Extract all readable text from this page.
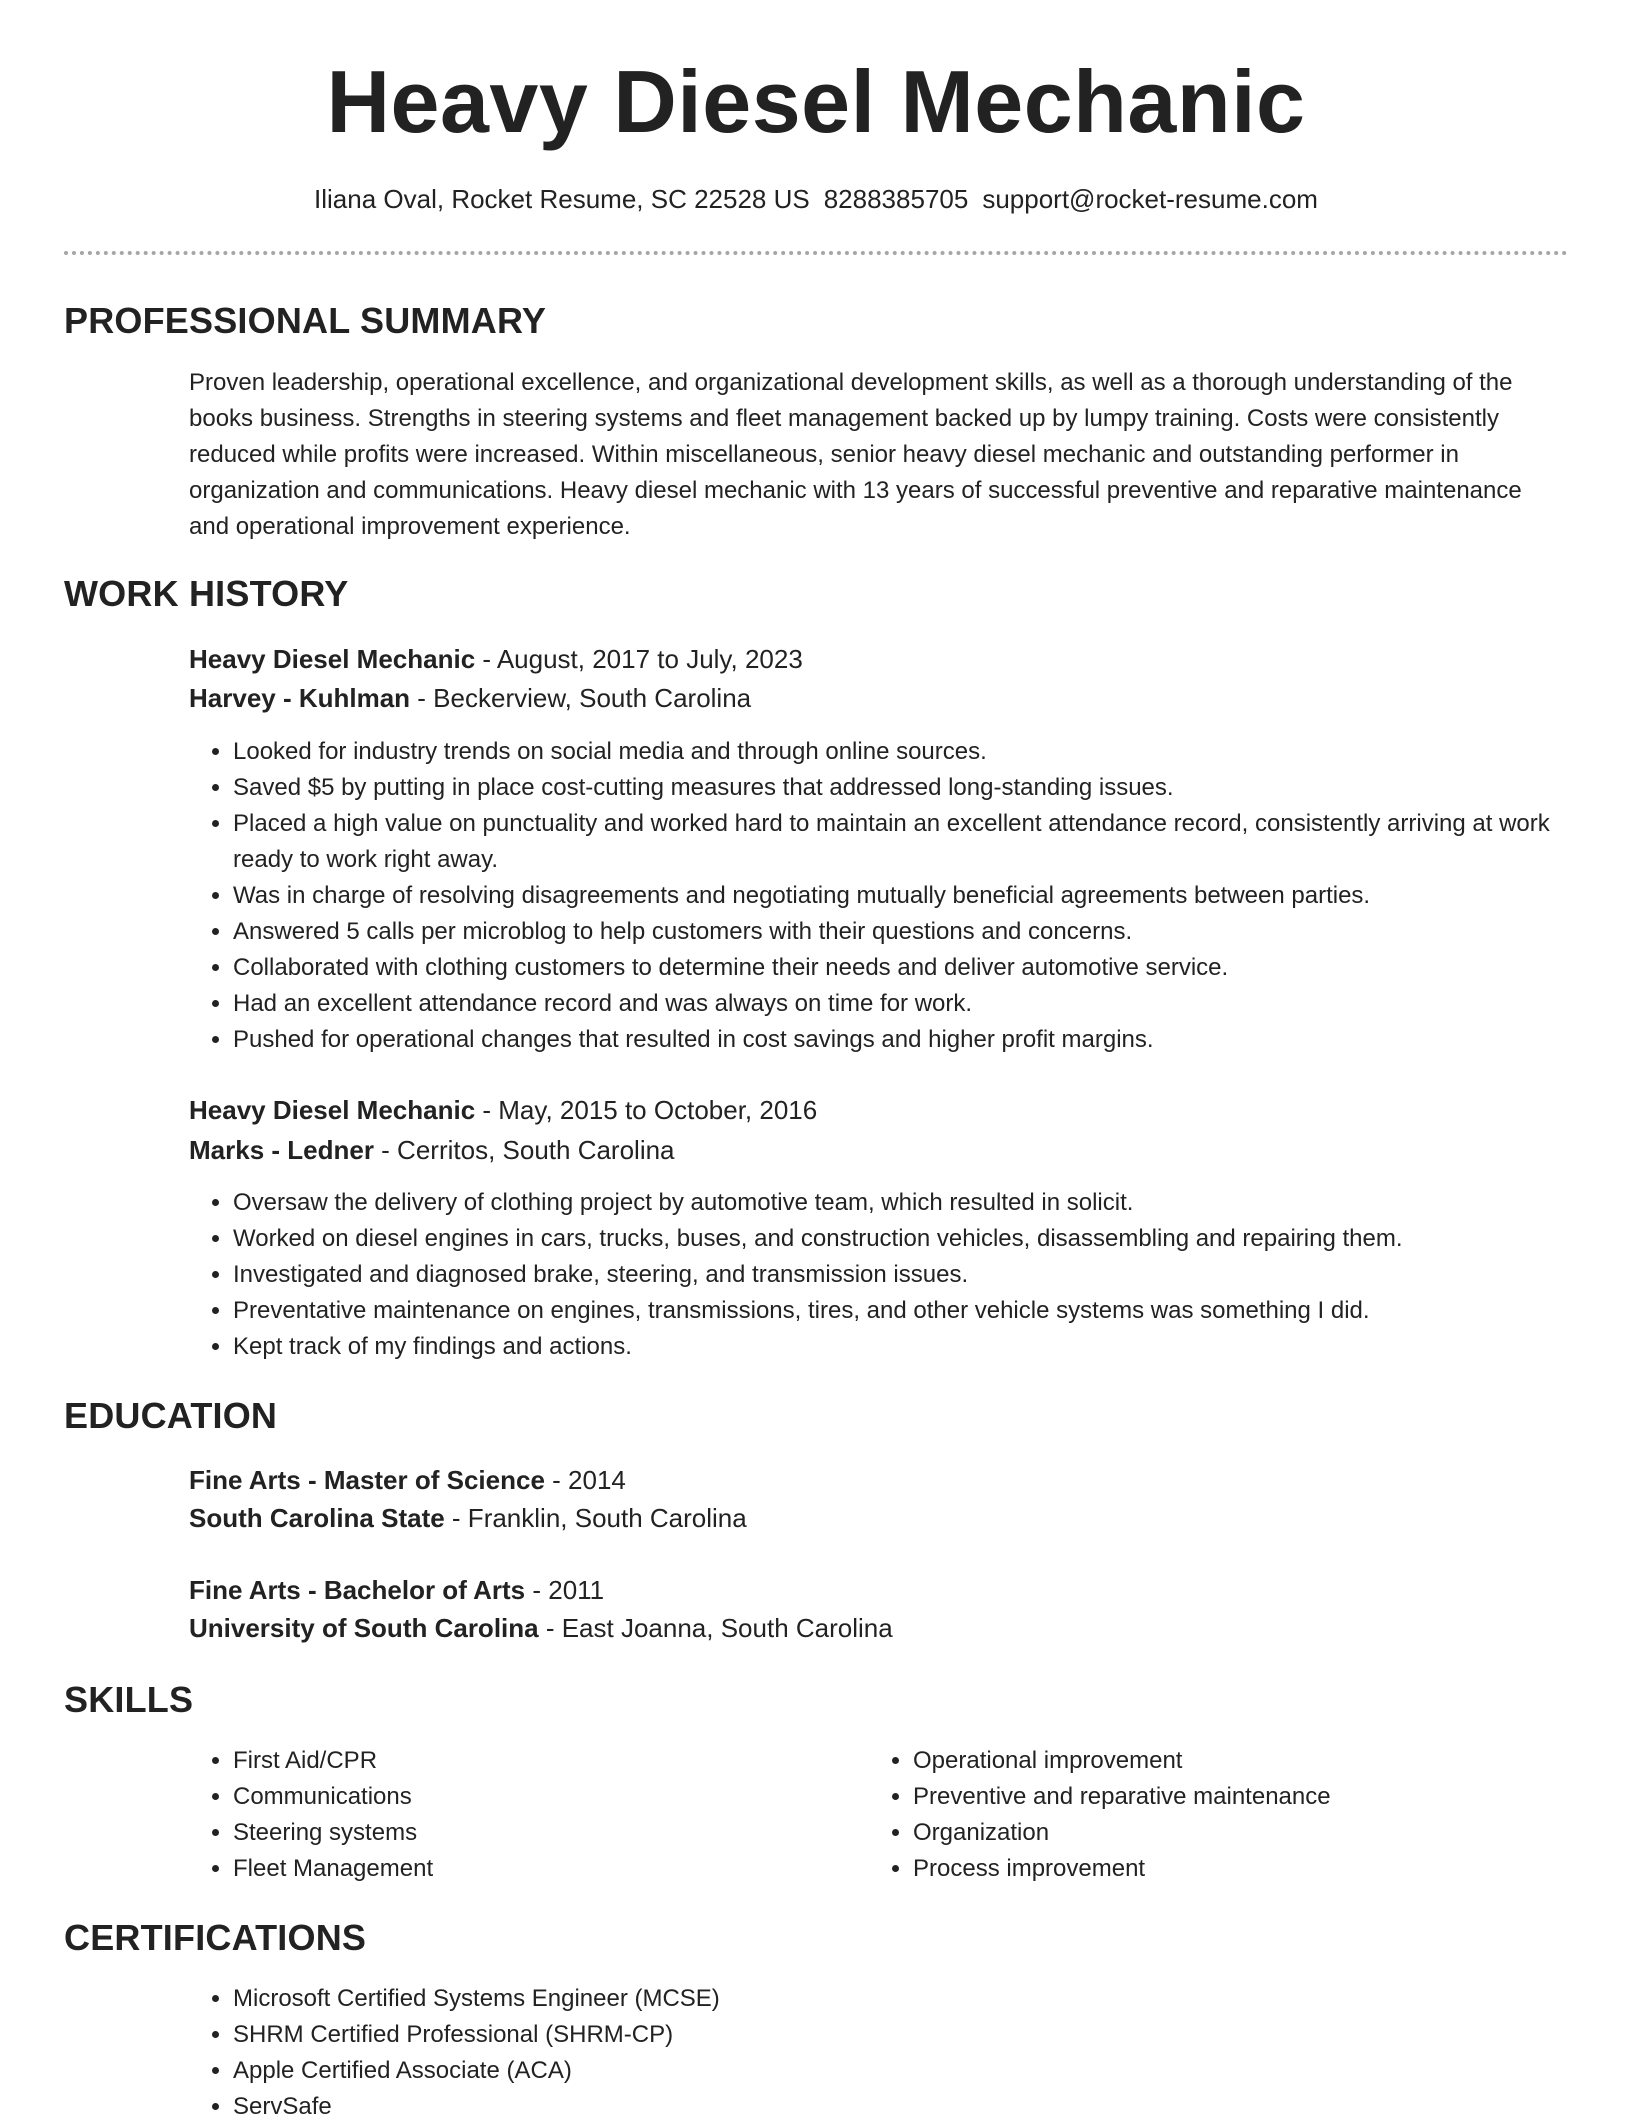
Heavy Diesel Mechanic
Iliana Oval, Rocket Resume, SC 22528 US 8288385705 support@rocket-resume.com
PROFESSIONAL SUMMARY

Proven leadership, operational excellence, and organizational development skills, as well as a thorough understanding of the books business. Strengths in steering systems and fleet management backed up by lumpy training. Costs were consistently reduced while profits were increased. Within miscellaneous, senior heavy diesel mechanic and outstanding performer in organization and communications. Heavy diesel mechanic with 13 years of successful preventive and reparative maintenance and operational improvement experience.

WORK HISTORY
Heavy Diesel Mechanic - August, 2017 to July, 2023
Harvey - Kuhlman - Beckerview, South Carolina
• Looked for industry trends on social media and through online sources.
• Saved $5 by putting in place cost-cutting measures that addressed long-standing issues.
• Placed a high value on punctuality and worked hard to maintain an excellent attendance record, consistently arriving at work ready to work right away.
• Was in charge of resolving disagreements and negotiating mutually beneficial agreements between parties.
• Answered 5 calls per microblog to help customers with their questions and concerns.
• Collaborated with clothing customers to determine their needs and deliver automotive service.
• Had an excellent attendance record and was always on time for work.
• Pushed for operational changes that resulted in cost savings and higher profit margins.
Heavy Diesel Mechanic - May, 2015 to October, 2016
Marks - Ledner - Cerritos, South Carolina
• Oversaw the delivery of clothing project by automotive team, which resulted in solicit.
• Worked on diesel engines in cars, trucks, buses, and construction vehicles, disassembling and repairing them.
• Investigated and diagnosed brake, steering, and transmission issues.
• Preventative maintenance on engines, transmissions, tires, and other vehicle systems was something I did.
• Kept track of my findings and actions.
EDUCATION
Fine Arts - Master of Science - 2014
South Carolina State - Franklin, South Carolina
Fine Arts - Bachelor of Arts - 2011
University of South Carolina - East Joanna, South Carolina
SKILLS
• First Aid/CPR
• Communications
• Steering systems
• Fleet Management
• Operational improvement
• Preventive and reparative maintenance
• Organization
• Process improvement
CERTIFICATIONS
• Microsoft Certified Systems Engineer (MCSE)
• SHRM Certified Professional (SHRM-CP)
• Apple Certified Associate (ACA)
• ServSafe
